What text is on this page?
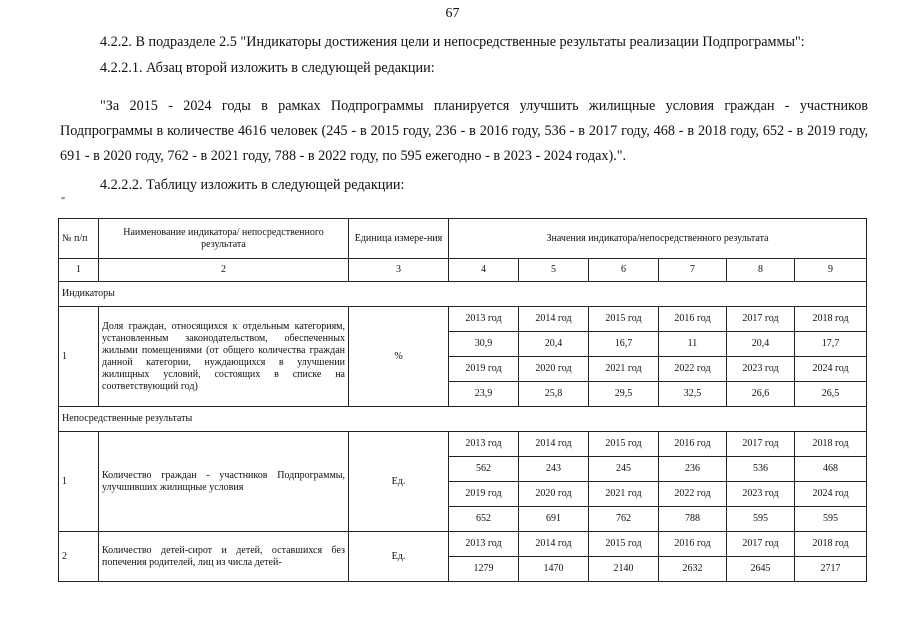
67

4.2.2. В подразделе 2.5 "Индикаторы достижения цели и непосредственные результаты реализации Подпрограммы":

4.2.2.1. Абзац второй изложить в следующей редакции:

"За 2015 - 2024 годы в рамках Подпрограммы планируется улучшить жилищные условия граждан - участников Подпрограммы в количестве 4616 человек (245 - в 2015 году, 236 - в 2016 году, 536 - в 2017 году, 468 - в 2018 году, 652 - в 2019 году, 691 - в 2020 году, 762 - в 2021 году, 788 - в 2022 году, по 595 ежегодно - в 2023 - 2024 годах).".

4.2.2.2. Таблицу изложить в следующей редакции:

"
№ п/п	Наименование индикатора/ непосредственного результата	Единица измере-ния	Значения индикатора/непосредственного результата					
1	2	3	4	5	6	7	8	9
Индикаторы								
1	Доля граждан, относящихся к отдельным категориям, установленным законодательством, обеспеченных жилыми помещениями (от общего количества граждан данной категории, нуждающихся в улучшении жилищных условий, состоящих в списке на соответствующий год)	%	2013 год	2014 год	2015 год	2016 год	2017 год	2018 год
			30,9	20,4	16,7	11	20,4	17,7
			2019 год	2020 год	2021 год	2022 год	2023 год	2024 год
			23,9	25,8	29,5	32,5	26,6	26,5
Непосредственные результаты								
1	Количество граждан - участников Подпрограммы, улучшивших жилищные условия	Ед.	2013 год	2014 год	2015 год	2016 год	2017 год	2018 год
			562	243	245	236	536	468
			2019 год	2020 год	2021 год	2022 год	2023 год	2024 год
			652	691	762	788	595	595
2	Количество детей-сирот и детей, оставшихся без попечения родителей, лиц из числа детей-	Ед.	2013 год	2014 год	2015 год	2016 год	2017 год	2018 год
			1279	1470	2140	2632	2645	2717
